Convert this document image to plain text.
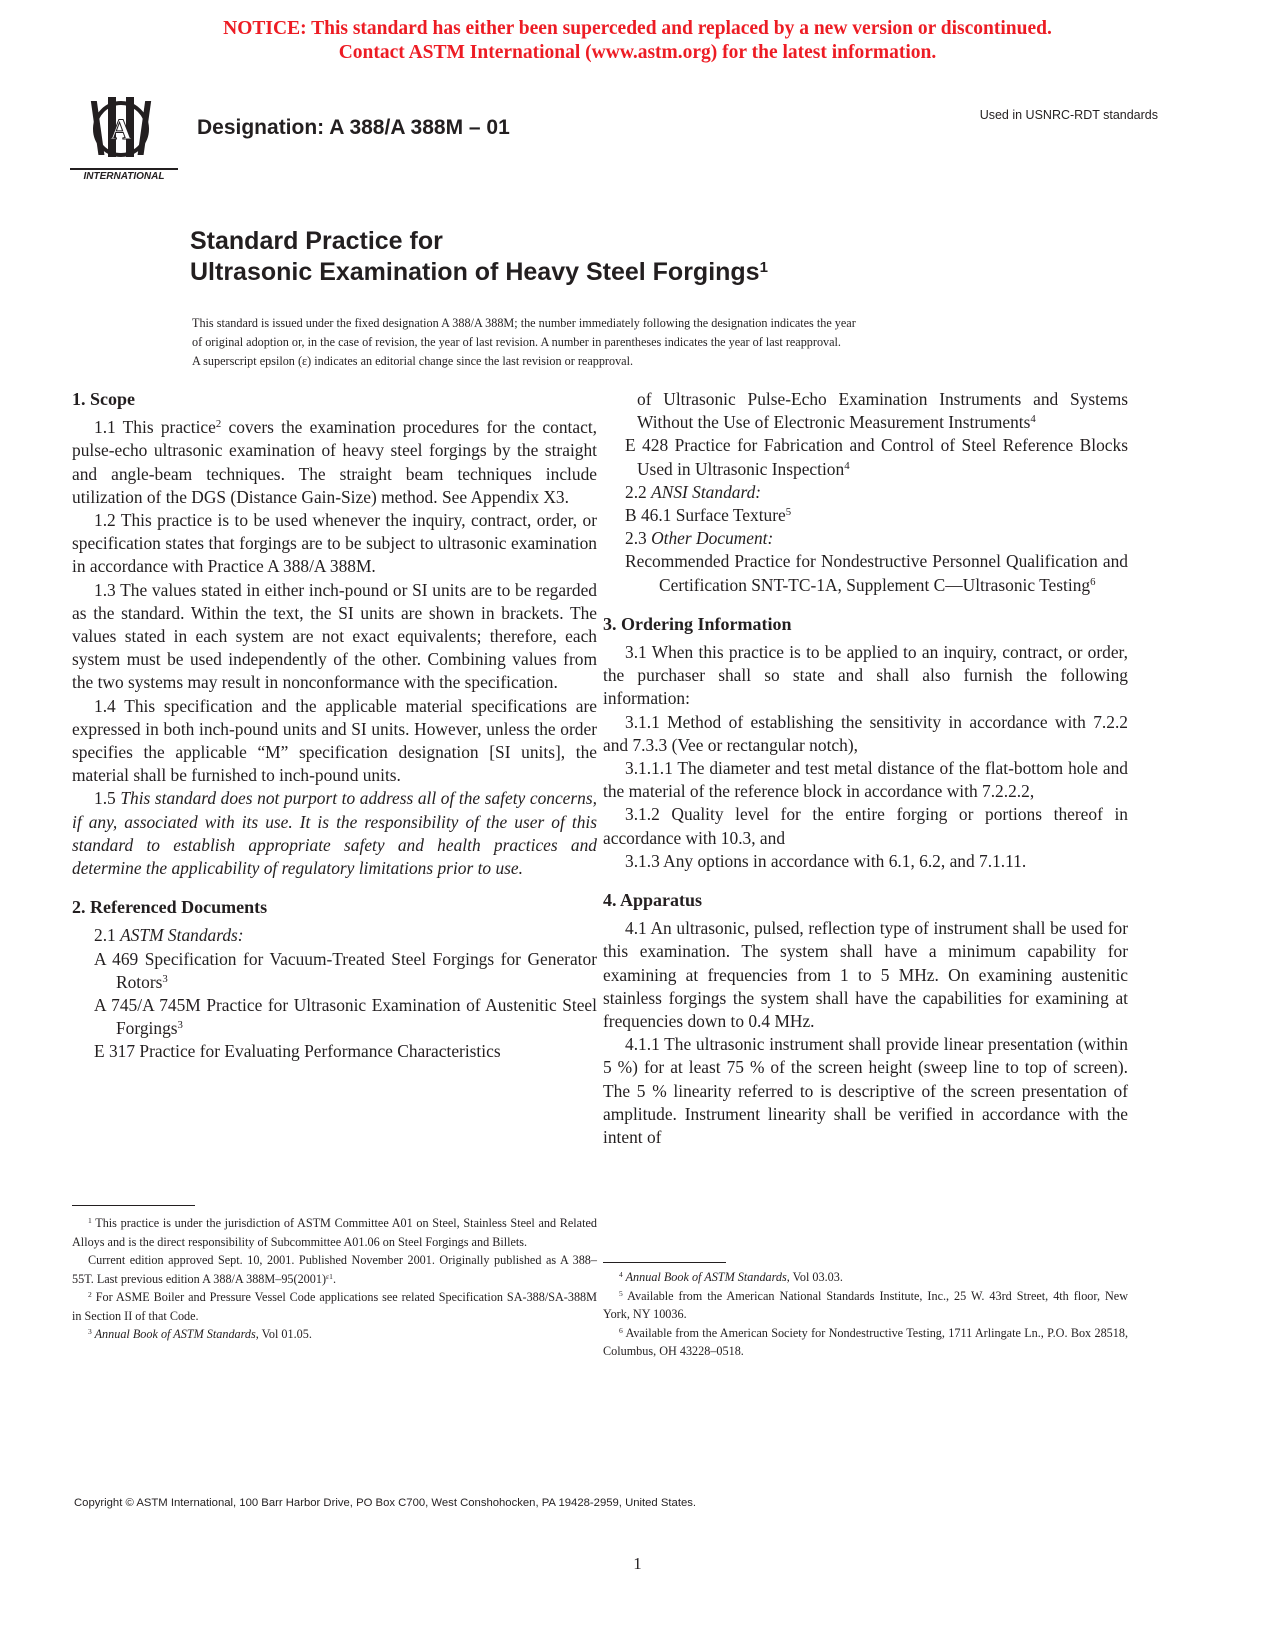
NOTICE: This standard has either been superceded and replaced by a new version or discontinued.
Contact ASTM International (www.astm.org) for the latest information.
A
INTERNATIONAL
Designation: A 388/A 388M – 01
Used in USNRC-RDT standards
Standard Practice for
Ultrasonic Examination of Heavy Steel Forgings$^1$
This standard is issued under the fixed designation A 388/A 388M; the number immediately following the designation indicates the year
of original adoption or, in the case of revision, the year of last revision. A number in parentheses indicates the year of last reapproval.
A superscript epsilon (ε) indicates an editorial change since the last revision or reapproval.

1. Scope

1.1 This practice$^2$ covers the examination procedures for the contact, pulse-echo ultrasonic examination of heavy steel forgings by the straight and angle-beam techniques. The straight beam techniques include utilization of the DGS (Distance Gain-Size) method. See Appendix X3.

1.2 This practice is to be used whenever the inquiry, contract, order, or specification states that forgings are to be subject to ultrasonic examination in accordance with Practice A 388/A 388M.

1.3 The values stated in either inch-pound or SI units are to be regarded as the standard. Within the text, the SI units are shown in brackets. The values stated in each system are not exact equivalents; therefore, each system must be used independently of the other. Combining values from the two systems may result in nonconformance with the specification.

1.4 This specification and the applicable material specifications are expressed in both inch-pound units and SI units. However, unless the order specifies the applicable “M” specification designation [SI units], the material shall be furnished to inch-pound units.

1.5 This standard does not purport to address all of the safety concerns, if any, associated with its use. It is the responsibility of the user of this standard to establish appropriate safety and health practices and determine the applicability of regulatory limitations prior to use.

2. Referenced Documents

2.1 ASTM Standards:

A 469 Specification for Vacuum-Treated Steel Forgings for Generator Rotors$^3$

A 745/A 745M Practice for Ultrasonic Examination of Austenitic Steel Forgings$^3$

E 317 Practice for Evaluating Performance Characteristics

$^1$ This practice is under the jurisdiction of ASTM Committee A01 on Steel, Stainless Steel and Related Alloys and is the direct responsibility of Subcommittee A01.06 on Steel Forgings and Billets.

Current edition approved Sept. 10, 2001. Published November 2001. Originally published as A 388–55T. Last previous edition A 388/A $388M-95(2001)^{\varepsilon 1}$.

$^2$ For ASME Boiler and Pressure Vessel Code applications see related Specification SA-388/SA-388M in Section II of that Code.

$^3$ Annual Book of ASTM Standards, Vol 01.05.

of Ultrasonic Pulse-Echo Examination Instruments and Systems Without the Use of Electronic Measurement Instruments$^4$

E 428 Practice for Fabrication and Control of Steel Reference Blocks Used in Ultrasonic Inspection$^4$

2.2 ANSI Standard:

B 46.1 Surface Texture$^5$

2.3 Other Document:

Recommended Practice for Nondestructive Personnel Qualification and Certification SNT-TC-1A, Supplement C—Ultrasonic Testing$^6$

3. Ordering Information

3.1 When this practice is to be applied to an inquiry, contract, or order, the purchaser shall so state and shall also furnish the following information:

3.1.1 Method of establishing the sensitivity in accordance with 7.2.2 and 7.3.3 (Vee or rectangular notch),

3.1.1.1 The diameter and test metal distance of the flat-bottom hole and the material of the reference block in accordance with 7.2.2.2,

3.1.2 Quality level for the entire forging or portions thereof in accordance with 10.3, and

3.1.3 Any options in accordance with 6.1, 6.2, and 7.1.11.

4. Apparatus

4.1 An ultrasonic, pulsed, reflection type of instrument shall be used for this examination. The system shall have a minimum capability for examining at frequencies from 1 to 5 MHz. On examining austenitic stainless forgings the system shall have the capabilities for examining at frequencies down to 0.4 MHz.

4.1.1 The ultrasonic instrument shall provide linear presentation (within 5 %) for at least 75 % of the screen height (sweep line to top of screen). The 5 % linearity referred to is descriptive of the screen presentation of amplitude. Instrument linearity shall be verified in accordance with the intent of

$^4$ Annual Book of ASTM Standards, Vol 03.03.

$^5$ Available from the American National Standards Institute, Inc., 25 W. 43rd Street, 4th floor, New York, NY 10036.

$^6$ Available from the American Society for Nondestructive Testing, 1711 Arlingate Ln., P.O. Box 28518, Columbus, OH 43228–0518.

Copyright © ASTM International, 100 Barr Harbor Drive, PO Box C700, West Conshohocken, PA 19428-2959, United States.
1
